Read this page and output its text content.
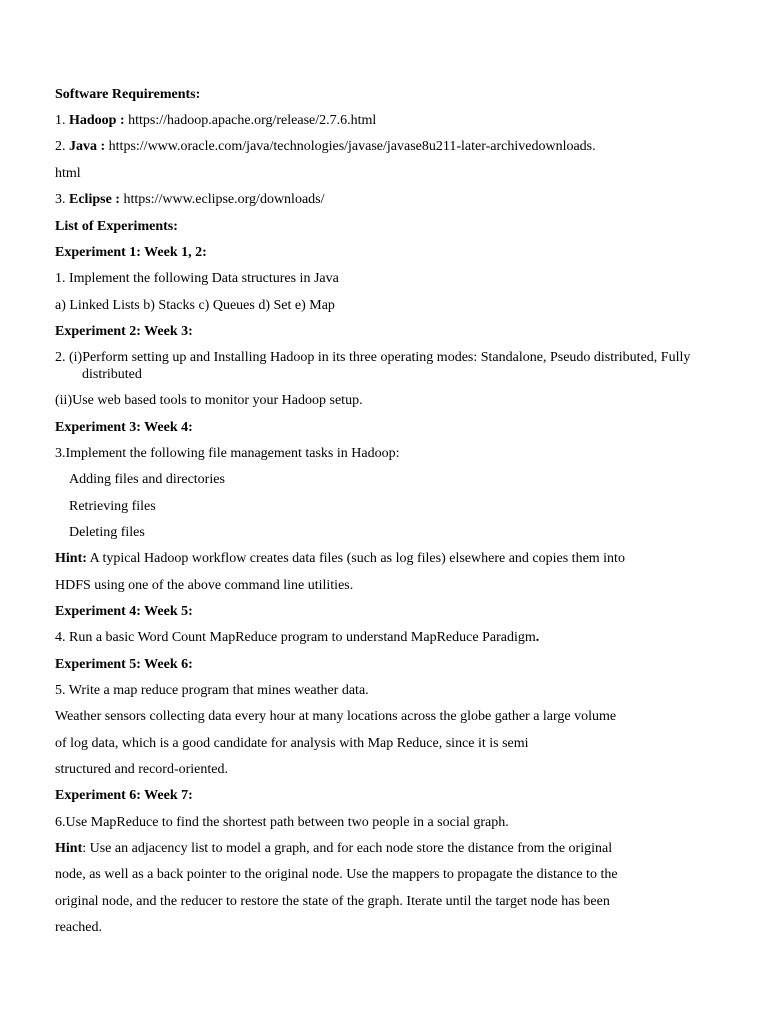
Software Requirements:
1. Hadoop : https://hadoop.apache.org/release/2.7.6.html
2. Java : https://www.oracle.com/java/technologies/javase/javase8u211-later-archivedownloads.
html
3. Eclipse : https://www.eclipse.org/downloads/
List of Experiments:
Experiment 1: Week 1, 2:
1. Implement the following Data structures in Java
a) Linked Lists b) Stacks c) Queues d) Set e) Map
Experiment 2: Week 3:
2. (i)Perform setting up and Installing Hadoop in its three operating modes: Standalone, Pseudo distributed, Fully
distributed
(ii)Use web based tools to monitor your Hadoop setup.
Experiment 3: Week 4:
3.Implement the following file management tasks in Hadoop:
Adding files and directories
Retrieving files
Deleting files
Hint: A typical Hadoop workflow creates data files (such as log files) elsewhere and copies them into
HDFS using one of the above command line utilities.
Experiment 4: Week 5:
4. Run a basic Word Count MapReduce program to understand MapReduce Paradigm.
Experiment 5: Week 6:
5. Write a map reduce program that mines weather data.
Weather sensors collecting data every hour at many locations across the globe gather a large volume
of log data, which is a good candidate for analysis with Map Reduce, since it is semi
structured and record-oriented.
Experiment 6: Week 7:
6.Use MapReduce to find the shortest path between two people in a social graph.
Hint: Use an adjacency list to model a graph, and for each node store the distance from the original
node, as well as a back pointer to the original node. Use the mappers to propagate the distance to the
original node, and the reducer to restore the state of the graph. Iterate until the target node has been
reached.
